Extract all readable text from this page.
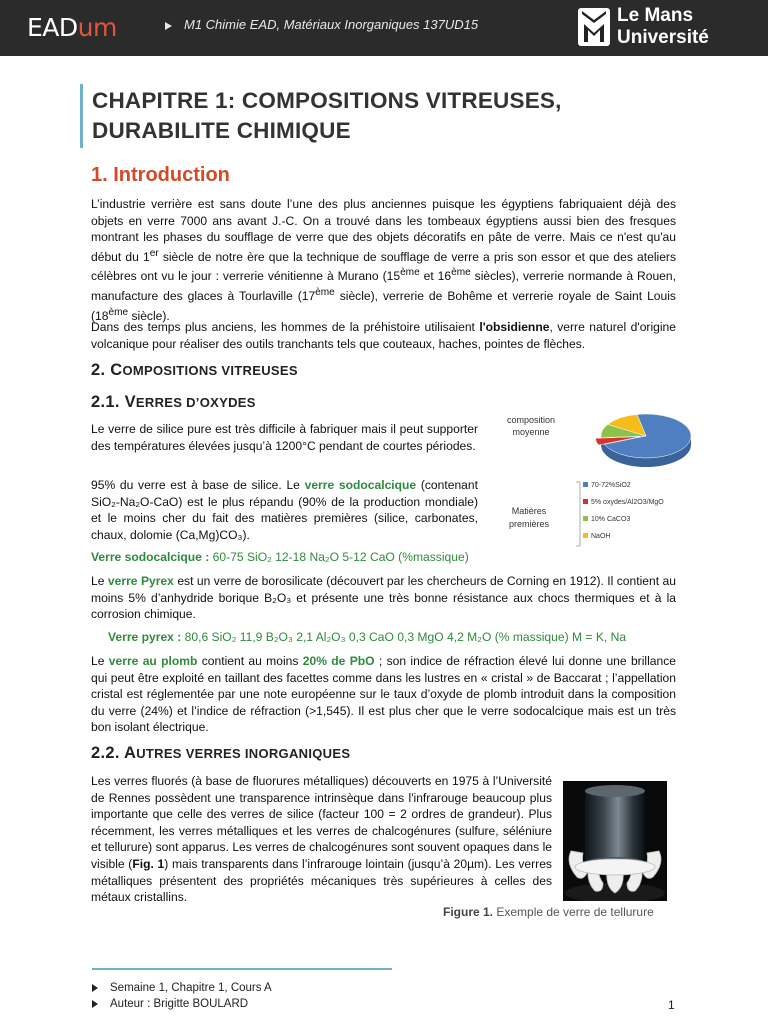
EADum	M1 Chimie EAD, Matériaux Inorganiques 137UD15	Le Mans
Université
CHAPITRE 1: COMPOSITIONS VITREUSES, DURABILITE CHIMIQUE
1. Introduction
L’industrie verrière est sans doute l’une des plus anciennes puisque les égyptiens fabriquaient déjà des objets en verre 7000 ans avant J.-C. On a trouvé dans les tombeaux égyptiens aussi bien des fresques montrant les phases du soufflage de verre que des objets décoratifs en pâte de verre. Mais ce n'est qu'au début du 1er siècle de notre ère que la technique de soufflage de verre a pris son essor et que des ateliers célèbres ont vu le jour : verrerie vénitienne à Murano (15ème et 16ème siècles), verrerie normande à Rouen, manufacture des glaces à Tourlaville (17ème siècle), verrerie de Bohême et verrerie royale de Saint Louis (18ème siècle).
Dans des temps plus anciens, les hommes de la préhistoire utilisaient l'obsidienne, verre naturel d'origine volcanique pour réaliser des outils tranchants tels que couteaux, haches, pointes de flèches.
2. COMPOSITIONS VITREUSES
2.1. VERRES D’OXYDES
Le verre de silice pure est très difficile à fabriquer mais il peut supporter des températures élevées jusqu’à 1200°C pendant de courtes périodes.
95% du verre est à base de silice. Le verre sodocalcique (contenant SiO₂-Na₂O-CaO) est le plus répandu (90% de la production mondiale) et le moins cher du fait des matières premières (silice, carbonates, chaux, dolomie (Ca,Mg)CO₃).
Verre sodocalcique : 60-75 SiO₂ 12-18 Na₂O 5-12 CaO (%massique)
Le verre Pyrex est un verre de borosilicate (découvert par les chercheurs de Corning en 1912). Il contient au moins 5% d’anhydride borique B₂O₃ et présente une très bonne résistance aux chocs thermiques et à la corrosion chimique.
Verre pyrex : 80,6 SiO₂ 11,9 B₂O₃ 2,1 Al₂O₃ 0,3 CaO 0,3 MgO 4,2 M₂O (% massique) M = K, Na
Le verre au plomb contient au moins 20% de PbO ; son indice de réfraction élevé lui donne une brillance qui peut être exploité en taillant des facettes comme dans les lustres en « cristal » de Baccarat ; l’appellation cristal est réglementée par une note européenne sur le taux d’oxyde de plomb introduit dans la composition du verre (24%) et l’indice de réfraction (>1,545). Il est plus cher que le verre sodocalcique mais est un très bon isolant électrique.
2.2. AUTRES VERRES INORGANIQUES
Les verres fluorés (à base de fluorures métalliques) découverts en 1975 à l’Université de Rennes possèdent une transparence intrinsèque dans l'infrarouge beaucoup plus importante que celle des verres de silice (facteur 100 = 2 ordres de grandeur). Plus récemment, les verres métalliques et les verres de chalcogénures (sulfure, séléniure et tellurure) sont apparus. Les verres de chalcogénures sont souvent opaques dans le visible (Fig. 1) mais transparents dans l’infrarouge lointain (jusqu’à 20µm). Les verres métalliques présentent des propriétés mécaniques très supérieures à celles des métaux cristallins.
composition
moyenne
Matières
premières
70-72%SiO2
5% oxydes/Al2O3/MgO
10% CaCO3
NaOH
Figure 1. Exemple de verre de tellurure
Semaine 1, Chapitre 1, Cours A
Auteur : Brigitte BOULARD	1
